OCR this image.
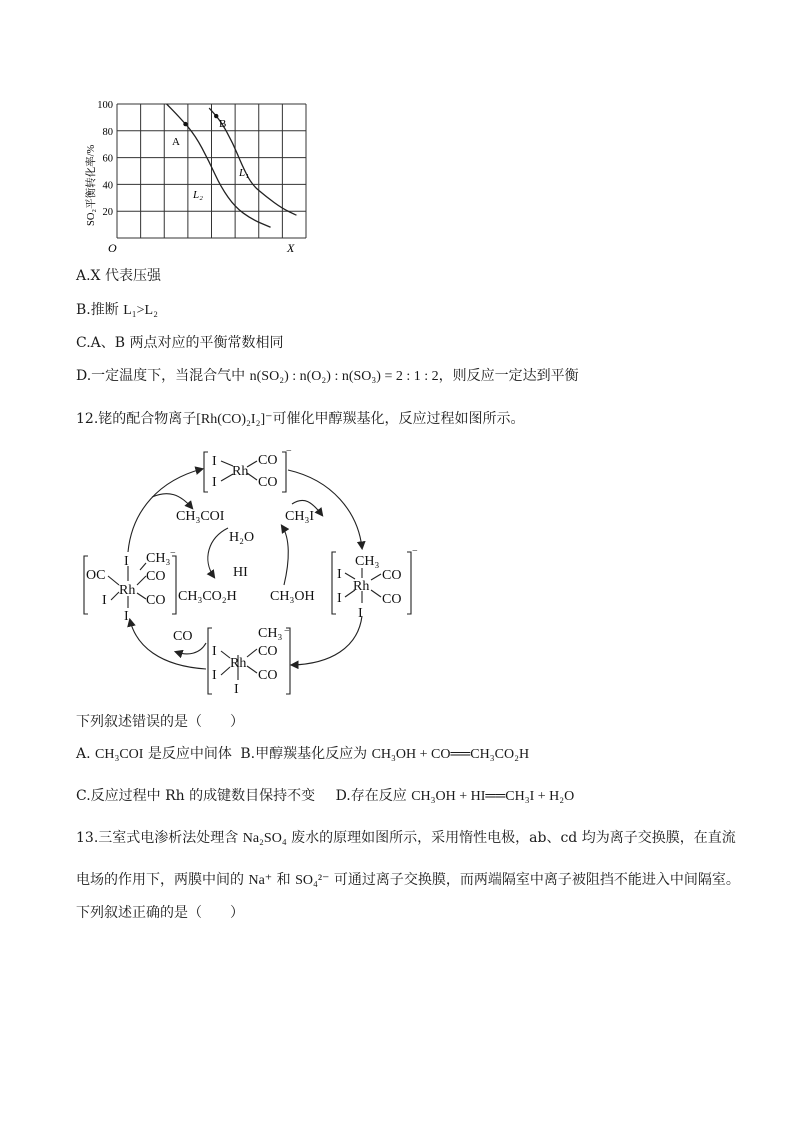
20
40
60
80
100
SO₂平衡转化率/%
O	X
A
B
L₁
L₂
A.X 代表压强
B.推断 L₁>L₂
C.A、B 两点对应的平衡常数相同
D.一定温度下，当混合气中 n(SO₂) : n(O₂) : n(SO₃) = 2 : 1 : 2，则反应一定达到平衡
12.铑的配合物离子[Rh(CO)₂I₂]⁻可催化甲醇羰基化，反应过程如图所示。
I
I
Rh
CO
CO
−
CH₃
I
I
Rh
CO
CO
I
−
CH₃
I
I
Rh
CO
CO
I
−
I CH₃
OC	CO
Rh
I	CO
I
−
CH₃COI	CH₃I
H₂O
HI
CH₃CO₂H CH₃OH
CO
下列叙述错误的是（　　）
A. CH₃COI 是反应中间体 B.甲醇羰基化反应为 CH₃OH + CO══CH₃CO₂H
C.反应过程中 Rh 的成键数目保持不变 D.存在反应 CH₃OH + HI══CH₃I + H₂O
13.三室式电渗析法处理含 Na₂SO₄ 废水的原理如图所示，采用惰性电极，ab、cd 均为离子交换膜，在直流
电场的作用下，两膜中间的 Na⁺ 和 SO₄²⁻ 可通过离子交换膜，而两端隔室中离子被阻挡不能进入中间隔室。
下列叙述正确的是（　　）
